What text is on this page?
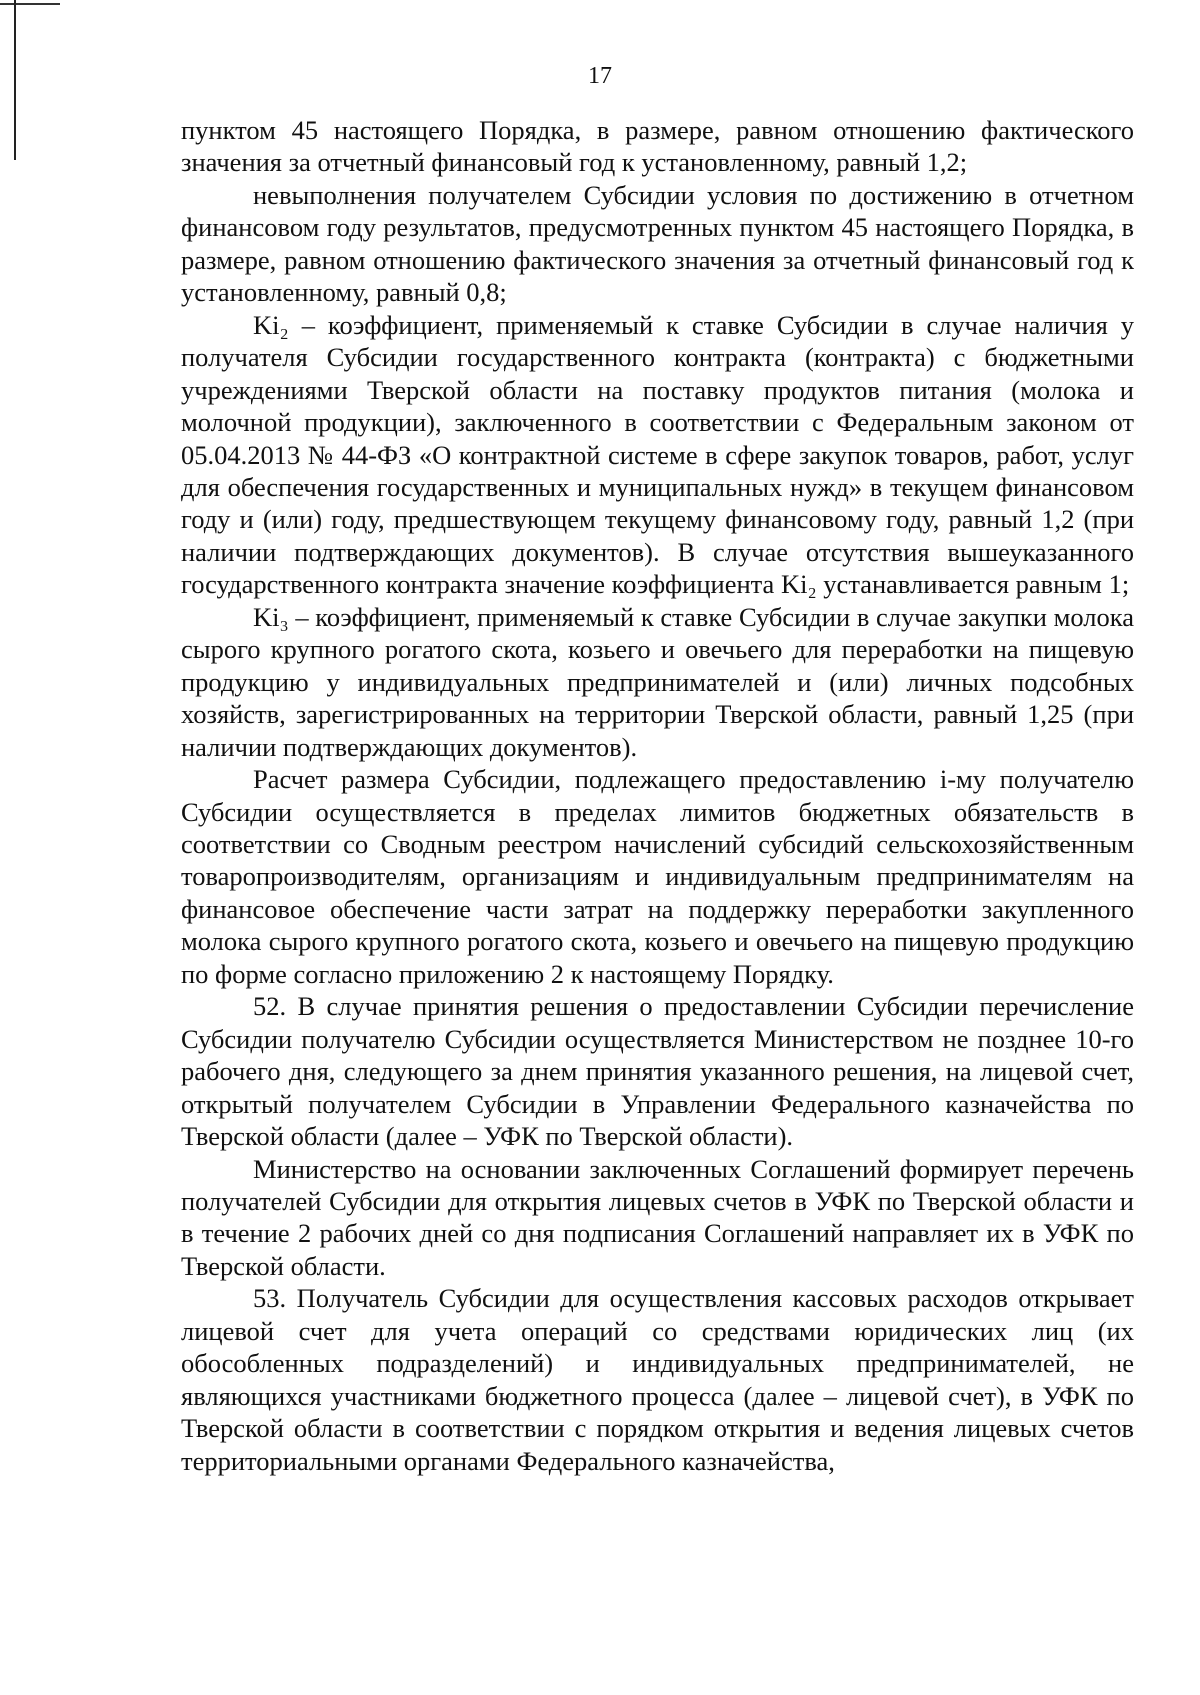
17

пунктом 45 настоящего Порядка, в размере, равном отношению фактического значения за отчетный финансовый год к установленному, равный 1,2;

невыполнения получателем Субсидии условия по достижению в отчетном финансовом году результатов, предусмотренных пунктом 45 настоящего Порядка, в размере, равном отношению фактического значения за отчетный финансовый год к установленному, равный 0,8;

Ki₂ – коэффициент, применяемый к ставке Субсидии в случае наличия у получателя Субсидии государственного контракта (контракта) с бюджетными учреждениями Тверской области на поставку продуктов питания (молока и молочной продукции), заключенного в соответствии с Федеральным законом от 05.04.2013 № 44-ФЗ «О контрактной системе в сфере закупок товаров, работ, услуг для обеспечения государственных и муниципальных нужд» в текущем финансовом году и (или) году, предшествующем текущему финансовому году, равный 1,2 (при наличии подтверждающих документов). В случае отсутствия вышеуказанного государственного контракта значение коэффициента Ki₂ устанавливается равным 1;

Ki₃ – коэффициент, применяемый к ставке Субсидии в случае закупки молока сырого крупного рогатого скота, козьего и овечьего для переработки на пищевую продукцию у индивидуальных предпринимателей и (или) личных подсобных хозяйств, зарегистрированных на территории Тверской области, равный 1,25 (при наличии подтверждающих документов).

Расчет размера Субсидии, подлежащего предоставлению i-му получателю Субсидии осуществляется в пределах лимитов бюджетных обязательств в соответствии со Сводным реестром начислений субсидий сельскохозяйственным товаропроизводителям, организациям и индивидуальным предпринимателям на финансовое обеспечение части затрат на поддержку переработки закупленного молока сырого крупного рогатого скота, козьего и овечьего на пищевую продукцию по форме согласно приложению 2 к настоящему Порядку.

52. В случае принятия решения о предоставлении Субсидии перечисление Субсидии получателю Субсидии осуществляется Министерством не позднее 10-го рабочего дня, следующего за днем принятия указанного решения, на лицевой счет, открытый получателем Субсидии в Управлении Федерального казначейства по Тверской области (далее – УФК по Тверской области).

Министерство на основании заключенных Соглашений формирует перечень получателей Субсидии для открытия лицевых счетов в УФК по Тверской области и в течение 2 рабочих дней со дня подписания Соглашений направляет их в УФК по Тверской области.

53. Получатель Субсидии для осуществления кассовых расходов открывает лицевой счет для учета операций со средствами юридических лиц (их обособленных подразделений) и индивидуальных предпринимателей, не являющихся участниками бюджетного процесса (далее – лицевой счет), в УФК по Тверской области в соответствии с порядком открытия и ведения лицевых счетов территориальными органами Федерального казначейства,
